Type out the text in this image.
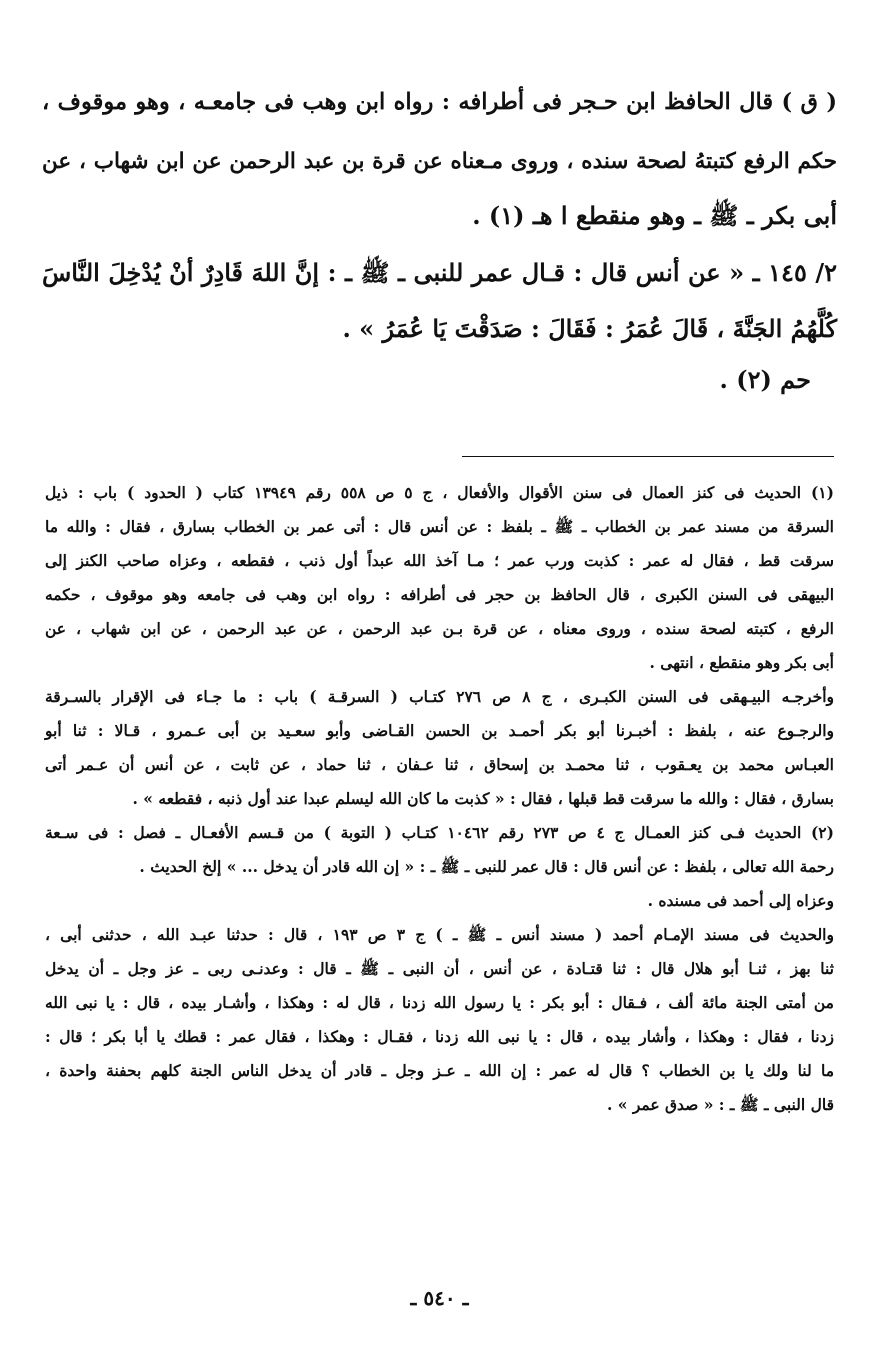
( ق ) قال الحافظ ابن حـجر فى أطرافه : رواه ابن وهب فى جامعـه ، وهو موقوف ،
حكم الرفع كتبتهُ لصحة سنده ، وروى مـعناه عن قرة بن عبد الرحمن عن ابن شهاب ، عن
أبى بكر ـ ﷺ ـ وهو منقطع ا هـ (١) .
٢/ ١٤٥ ـ « عن أنس قال : قـال عمر للنبى ـ ﷺ ـ : إنَّ اللهَ قَادِرٌ أنْ يُدْخِلَ النَّاسَ
كُلَّهُمُ الجَنَّةَ ، قَالَ عُمَرُ : فَقَالَ : صَدَقْتَ يَا عُمَرُ » .
حم (٢) .
(١) الحديث فى كنز العمال فى سنن الأقوال والأفعال ، ج ٥ ص ٥٥٨ رقم ١٣٩٤٩ كتاب ( الحدود ) باب : ذيل
السرقة من مسند عمر بن الخطاب ـ ﷺ ـ بلفظ : عن أنس قال : أتى عمر بن الخطاب بسارق ، فقال : والله ما
سرقت قط ، فقال له عمر : كذبت ورب عمر ؛ مـا آخذ الله عبداً أول ذنب ، فقطعه ، وعزاه صاحب الكنز إلى
البيهقى فى السنن الكبرى ، قال الحافظ بن حجر فى أطرافه : رواه ابن وهب فى جامعه وهو موقوف ، حكمه
الرفع ، كتبته لصحة سنده ، وروى معناه ، عن قرة بـن عبد الرحمن ، عن عبد الرحمن ، عن ابن شهاب ، عن
أبى بكر وهو منقطع ، انتهى .
وأخرجـه البيـهقى فى السنن الكبـرى ، ج ٨ ص ٢٧٦ كتـاب ( السرقـة ) باب : ما جـاء فى الإقرار بالسـرقة
والرجـوع عنه ، بلفظ : أخبـرنا أبو بكر أحمـد بن الحسن القـاضى وأبو سعـيد بن أبى عـمرو ، قـالا : ثنا أبو
العبـاس محمد بن يعـقوب ، ثنا محمـد بن إسحاق ، ثنا عـفان ، ثنا حماد ، عن ثابت ، عن أنس أن عـمر أتى
بسارق ، فقال : والله ما سرقت قط قبلها ، فقال : « كذبت ما كان الله ليسلم عبدا عند أول ذنبه ، فقطعه » .
(٢) الحديث فـى كنز العمـال ج ٤ ص ٢٧٣ رقم ١٠٤٦٢ كتـاب ( التوبة ) من قـسم الأفعـال ـ فصل : فى سـعة
رحمة الله تعالى ، بلفظ : عن أنس قال : قال عمر للنبى ـ ﷺ ـ : « إن الله قادر أن يدخل ... » إلخ الحديث .
وعزاه إلى أحمد فى مسنده .
والحديث فى مسند الإمـام أحمد ( مسند أنس ـ ﷺ ـ ) ج ٣ ص ١٩٣ ، قال : حدثنا عبـد الله ، حدثنى أبى ،
ثنا بهز ، ثنـا أبو هلال قال : ثنا قتـادة ، عن أنس ، أن النبى ـ ﷺ ـ قال : وعدنـى ربى ـ عز وجل ـ أن يدخل
من أمتى الجنة مائة ألف ، فـقال : أبو بكر : يا رسول الله زدنا ، قال له : وهكذا ، وأشـار بيده ، قال : يا نبى الله
زدنا ، فقال : وهكذا ، وأشار بيده ، قال : يا نبى الله زدنا ، فقـال : وهكذا ، فقال عمر : قطك يا أبا بكر ؛ قال :
ما لنا ولك يا بن الخطاب ؟ قال له عمر : إن الله ـ عـز وجل ـ قادر أن يدخل الناس الجنة كلهم بحفنة واحدة ،
قال النبى ـ ﷺ ـ : « صدق عمر » .
ـ ٥٤٠ ـ
